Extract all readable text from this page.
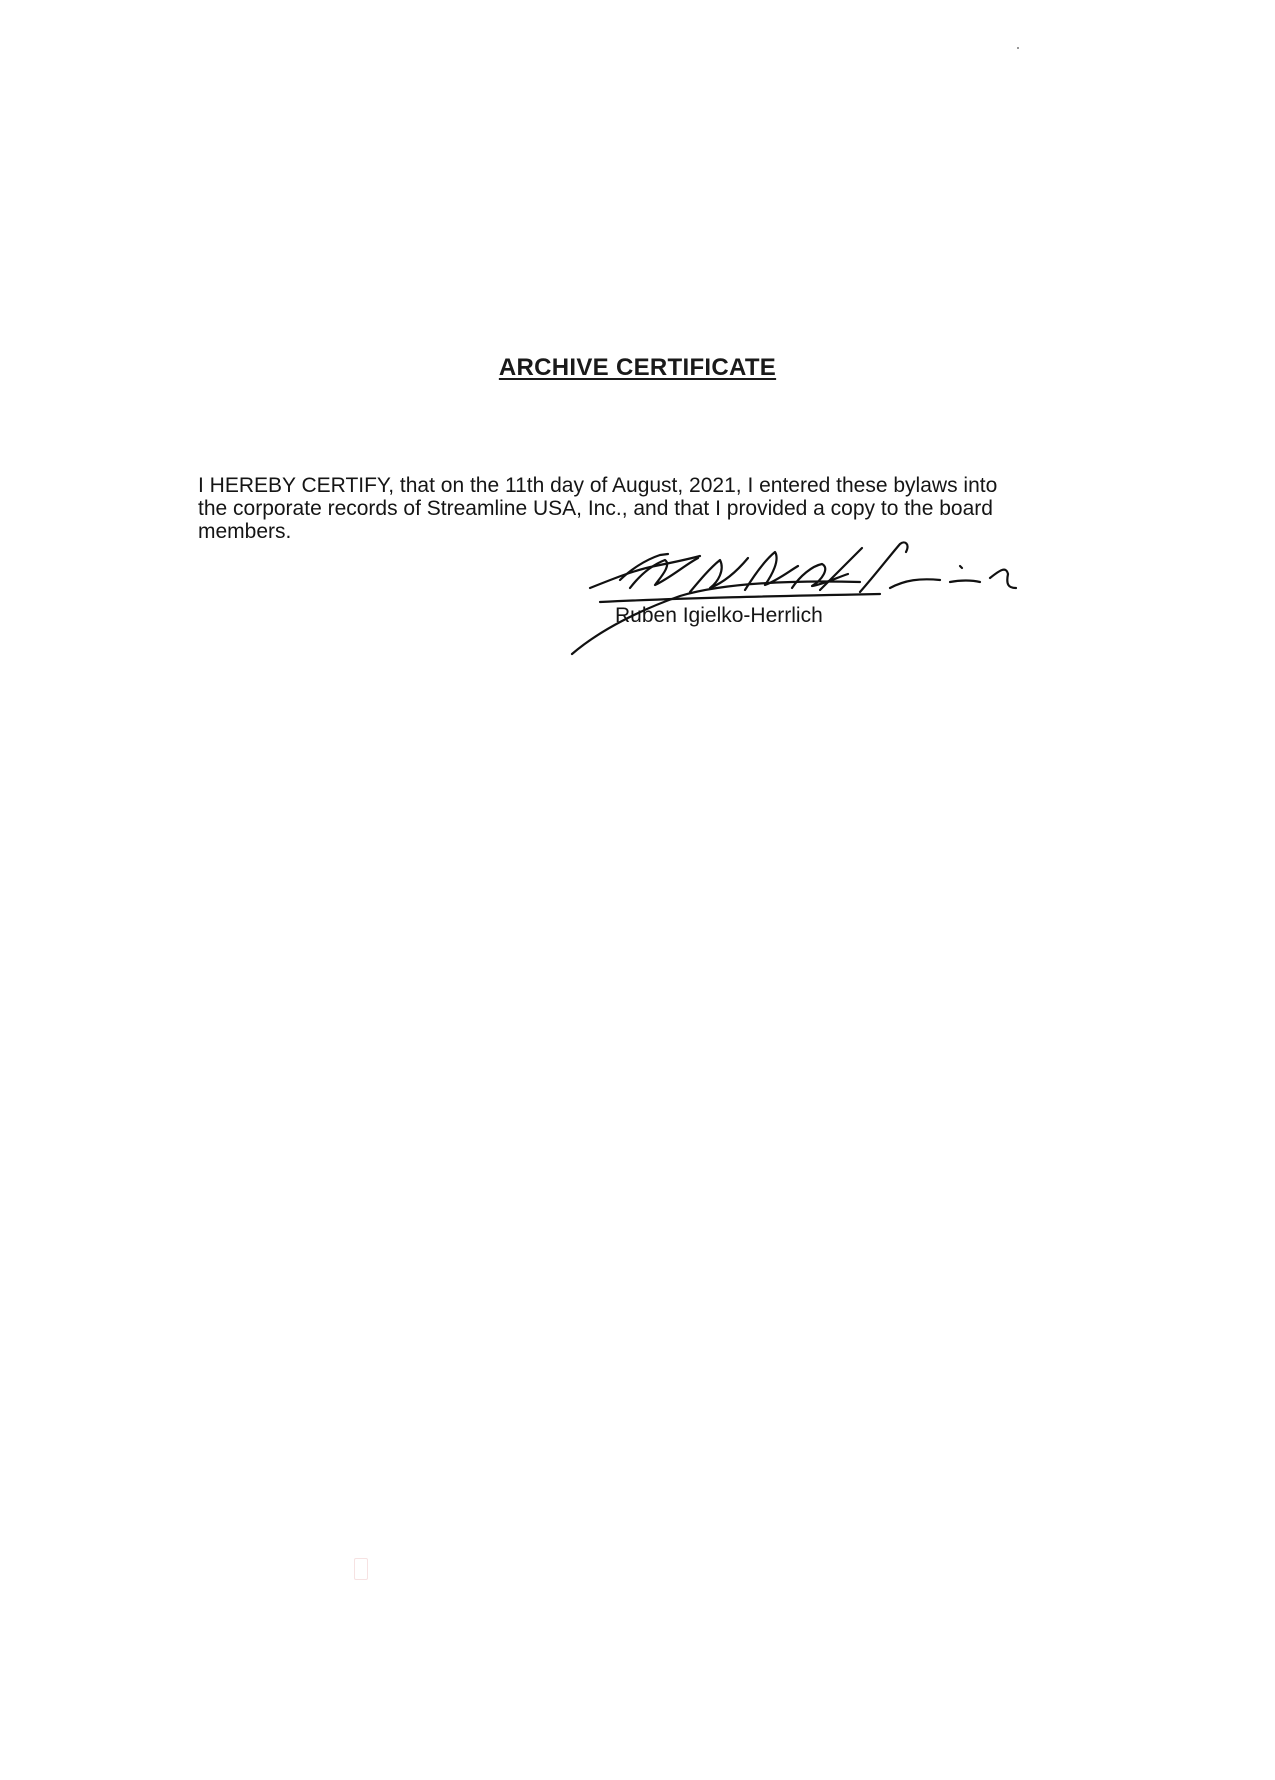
ARCHIVE CERTIFICATE

I HEREBY CERTIFY, that on the 11th day of August, 2021, I entered these bylaws into

the corporate records of Streamline USA, Inc., and that I provided a copy to the board

members.

Ruben Igielko-Herrlich
